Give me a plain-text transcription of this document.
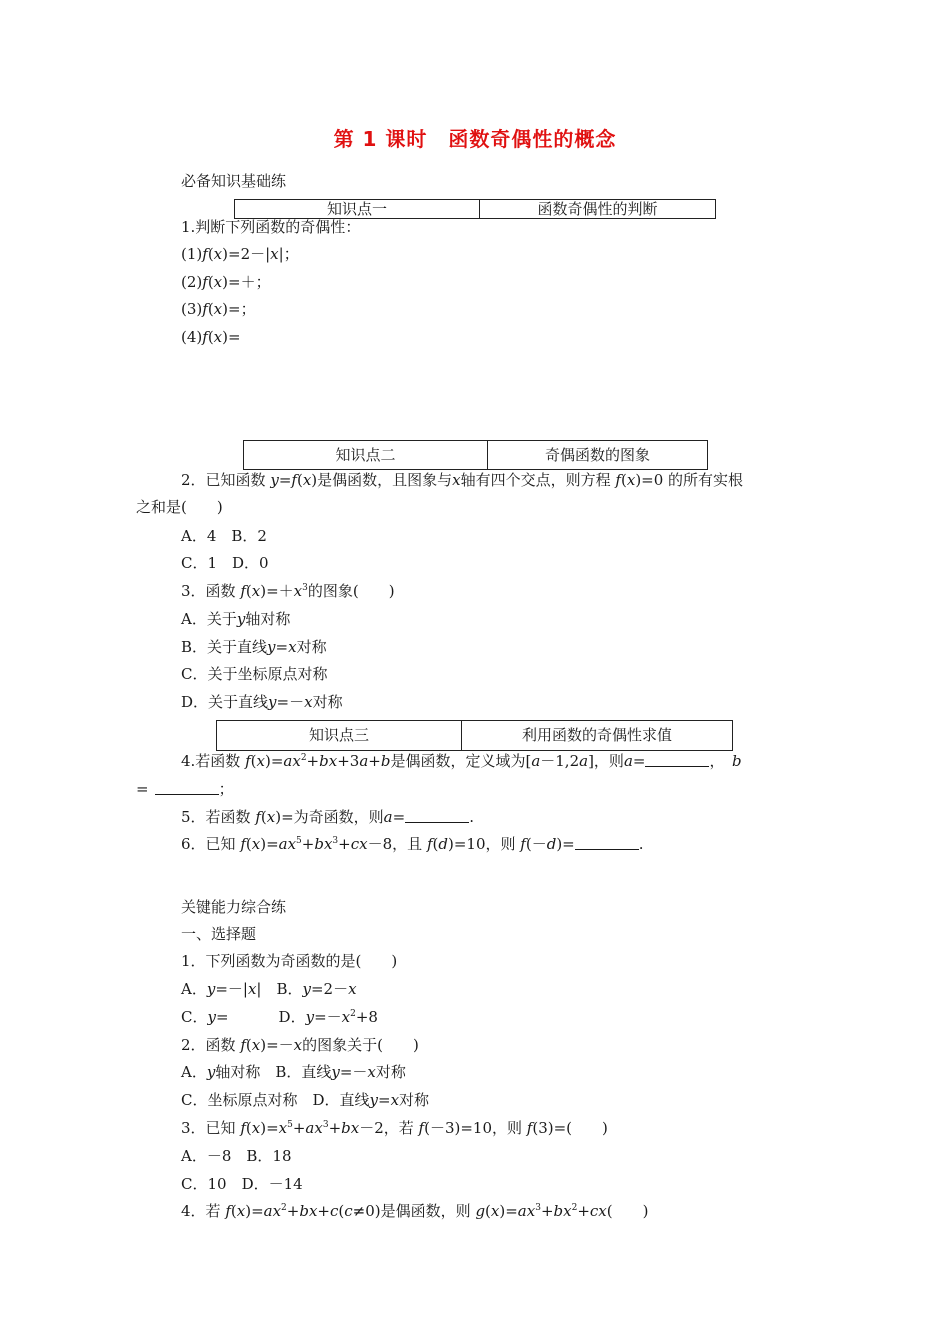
第 1 课时　函数奇偶性的概念
必备知识基础练
知识点一	函数奇偶性的判断
1.判断下列函数的奇偶性：
(1)f(x)=2－|x|；
(2)f(x)=＋；
(3)f(x)=；
(4)f(x)=
知识点二	奇偶函数的图象
2．已知函数 y=f(x)是偶函数，且图象与x轴有四个交点，则方程 f(x)=0 的所有实根
之和是(　　)
A．4　B．2
C．1　D．0
3．函数 $f(x)=+x^3$的图象(　　)
A．关于y轴对称
B．关于直线y=x对称
C．关于坐标原点对称
D．关于直线y=－x对称
知识点三	利用函数的奇偶性求值
4.若函数 $f(x)=ax^2+bx+3a+b$是偶函数，定义域为[a－1,2a]，则a=	，　 b
=	；
5．若函数 f(x)=为奇函数，则a=	.
6．已知 $f(x)=ax^5+bx^3+cx-8$，且 f(d)=10，则 f(－d)=	.
关键能力综合练
一、选择题
1．下列函数为奇函数的是(　　)
A．y=－|x|　B．y=2－x
C．y=	D．$y=-x^2+8$
2．函数 f(x)=－x的图象关于(　　)
A．y轴对称　B．直线y=－x对称
C．坐标原点对称　D．直线y=x对称
3．已知 $f(x)=x^5+ax^3+bx-2$，若 f(－3)=10，则 f(3)=(　　)
A．－8　B．18
C．10　D．－14
4．若 $f(x)=ax^2+bx+c(c\ne 0)$是偶函数，则 $g(x)=ax^3+bx^2+cx$(　　)
